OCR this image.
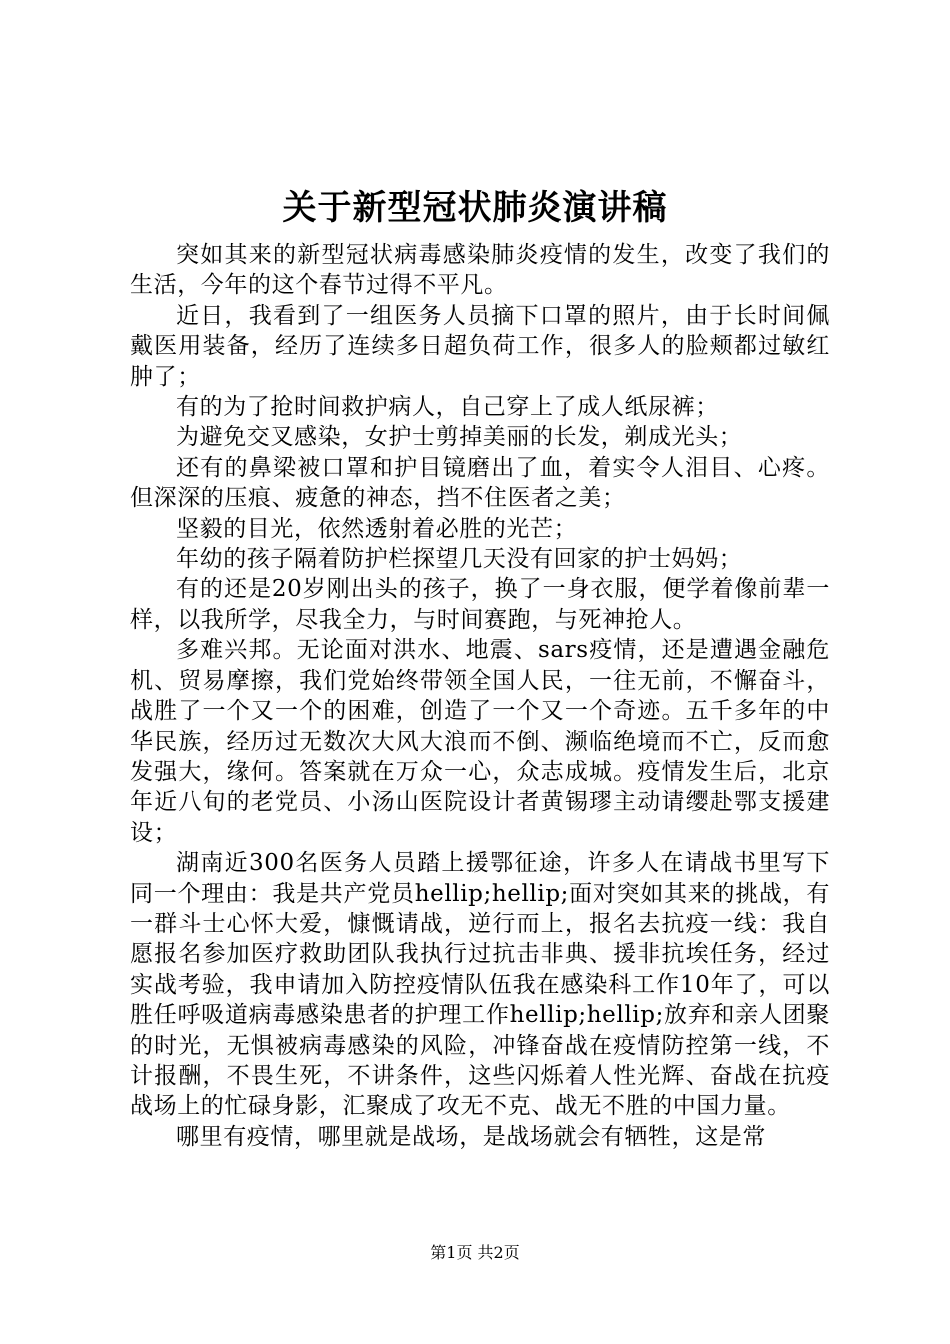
关于新型冠状肺炎演讲稿

突如其来的新型冠状病毒感染肺炎疫情的发生，改变了我们的生活，今年的这个春节过得不平凡。

近日，我看到了一组医务人员摘下口罩的照片，由于长时间佩戴医用装备，经历了连续多日超负荷工作，很多人的脸颊都过敏红肿了；

有的为了抢时间救护病人，自己穿上了成人纸尿裤；

为避免交叉感染，女护士剪掉美丽的长发，剃成光头；

还有的鼻梁被口罩和护目镜磨出了血，着实令人泪目、心疼。但深深的压痕、疲惫的神态，挡不住医者之美；

坚毅的目光，依然透射着必胜的光芒；

年幼的孩子隔着防护栏探望几天没有回家的护士妈妈；

有的还是20岁刚出头的孩子，换了一身衣服，便学着像前辈一样，以我所学，尽我全力，与时间赛跑，与死神抢人。

多难兴邦。无论面对洪水、地震、sars疫情，还是遭遇金融危机、贸易摩擦，我们党始终带领全国人民，一往无前，不懈奋斗，战胜了一个又一个的困难，创造了一个又一个奇迹。五千多年的中华民族，经历过无数次大风大浪而不倒、濒临绝境而不亡，反而愈发强大，缘何。答案就在万众一心，众志成城。疫情发生后，北京年近八旬的老党员、小汤山医院设计者黄锡璆主动请缨赴鄂支援建设；

湖南近300名医务人员踏上援鄂征途，许多人在请战书里写下同一个理由：我是共产党员hellip;hellip;面对突如其来的挑战，有一群斗士心怀大爱，慷慨请战，逆行而上，报名去抗疫一线：我自愿报名参加医疗救助团队我执行过抗击非典、援非抗埃任务，经过实战考验，我申请加入防控疫情队伍我在感染科工作10年了，可以胜任呼吸道病毒感染患者的护理工作hellip;hellip;放弃和亲人团聚的时光，无惧被病毒感染的风险，冲锋奋战在疫情防控第一线，不计报酬，不畏生死，不讲条件，这些闪烁着人性光辉、奋战在抗疫战场上的忙碌身影，汇聚成了攻无不克、战无不胜的中国力量。

哪里有疫情，哪里就是战场，是战场就会有牺牲，这是常

第1页 共2页
